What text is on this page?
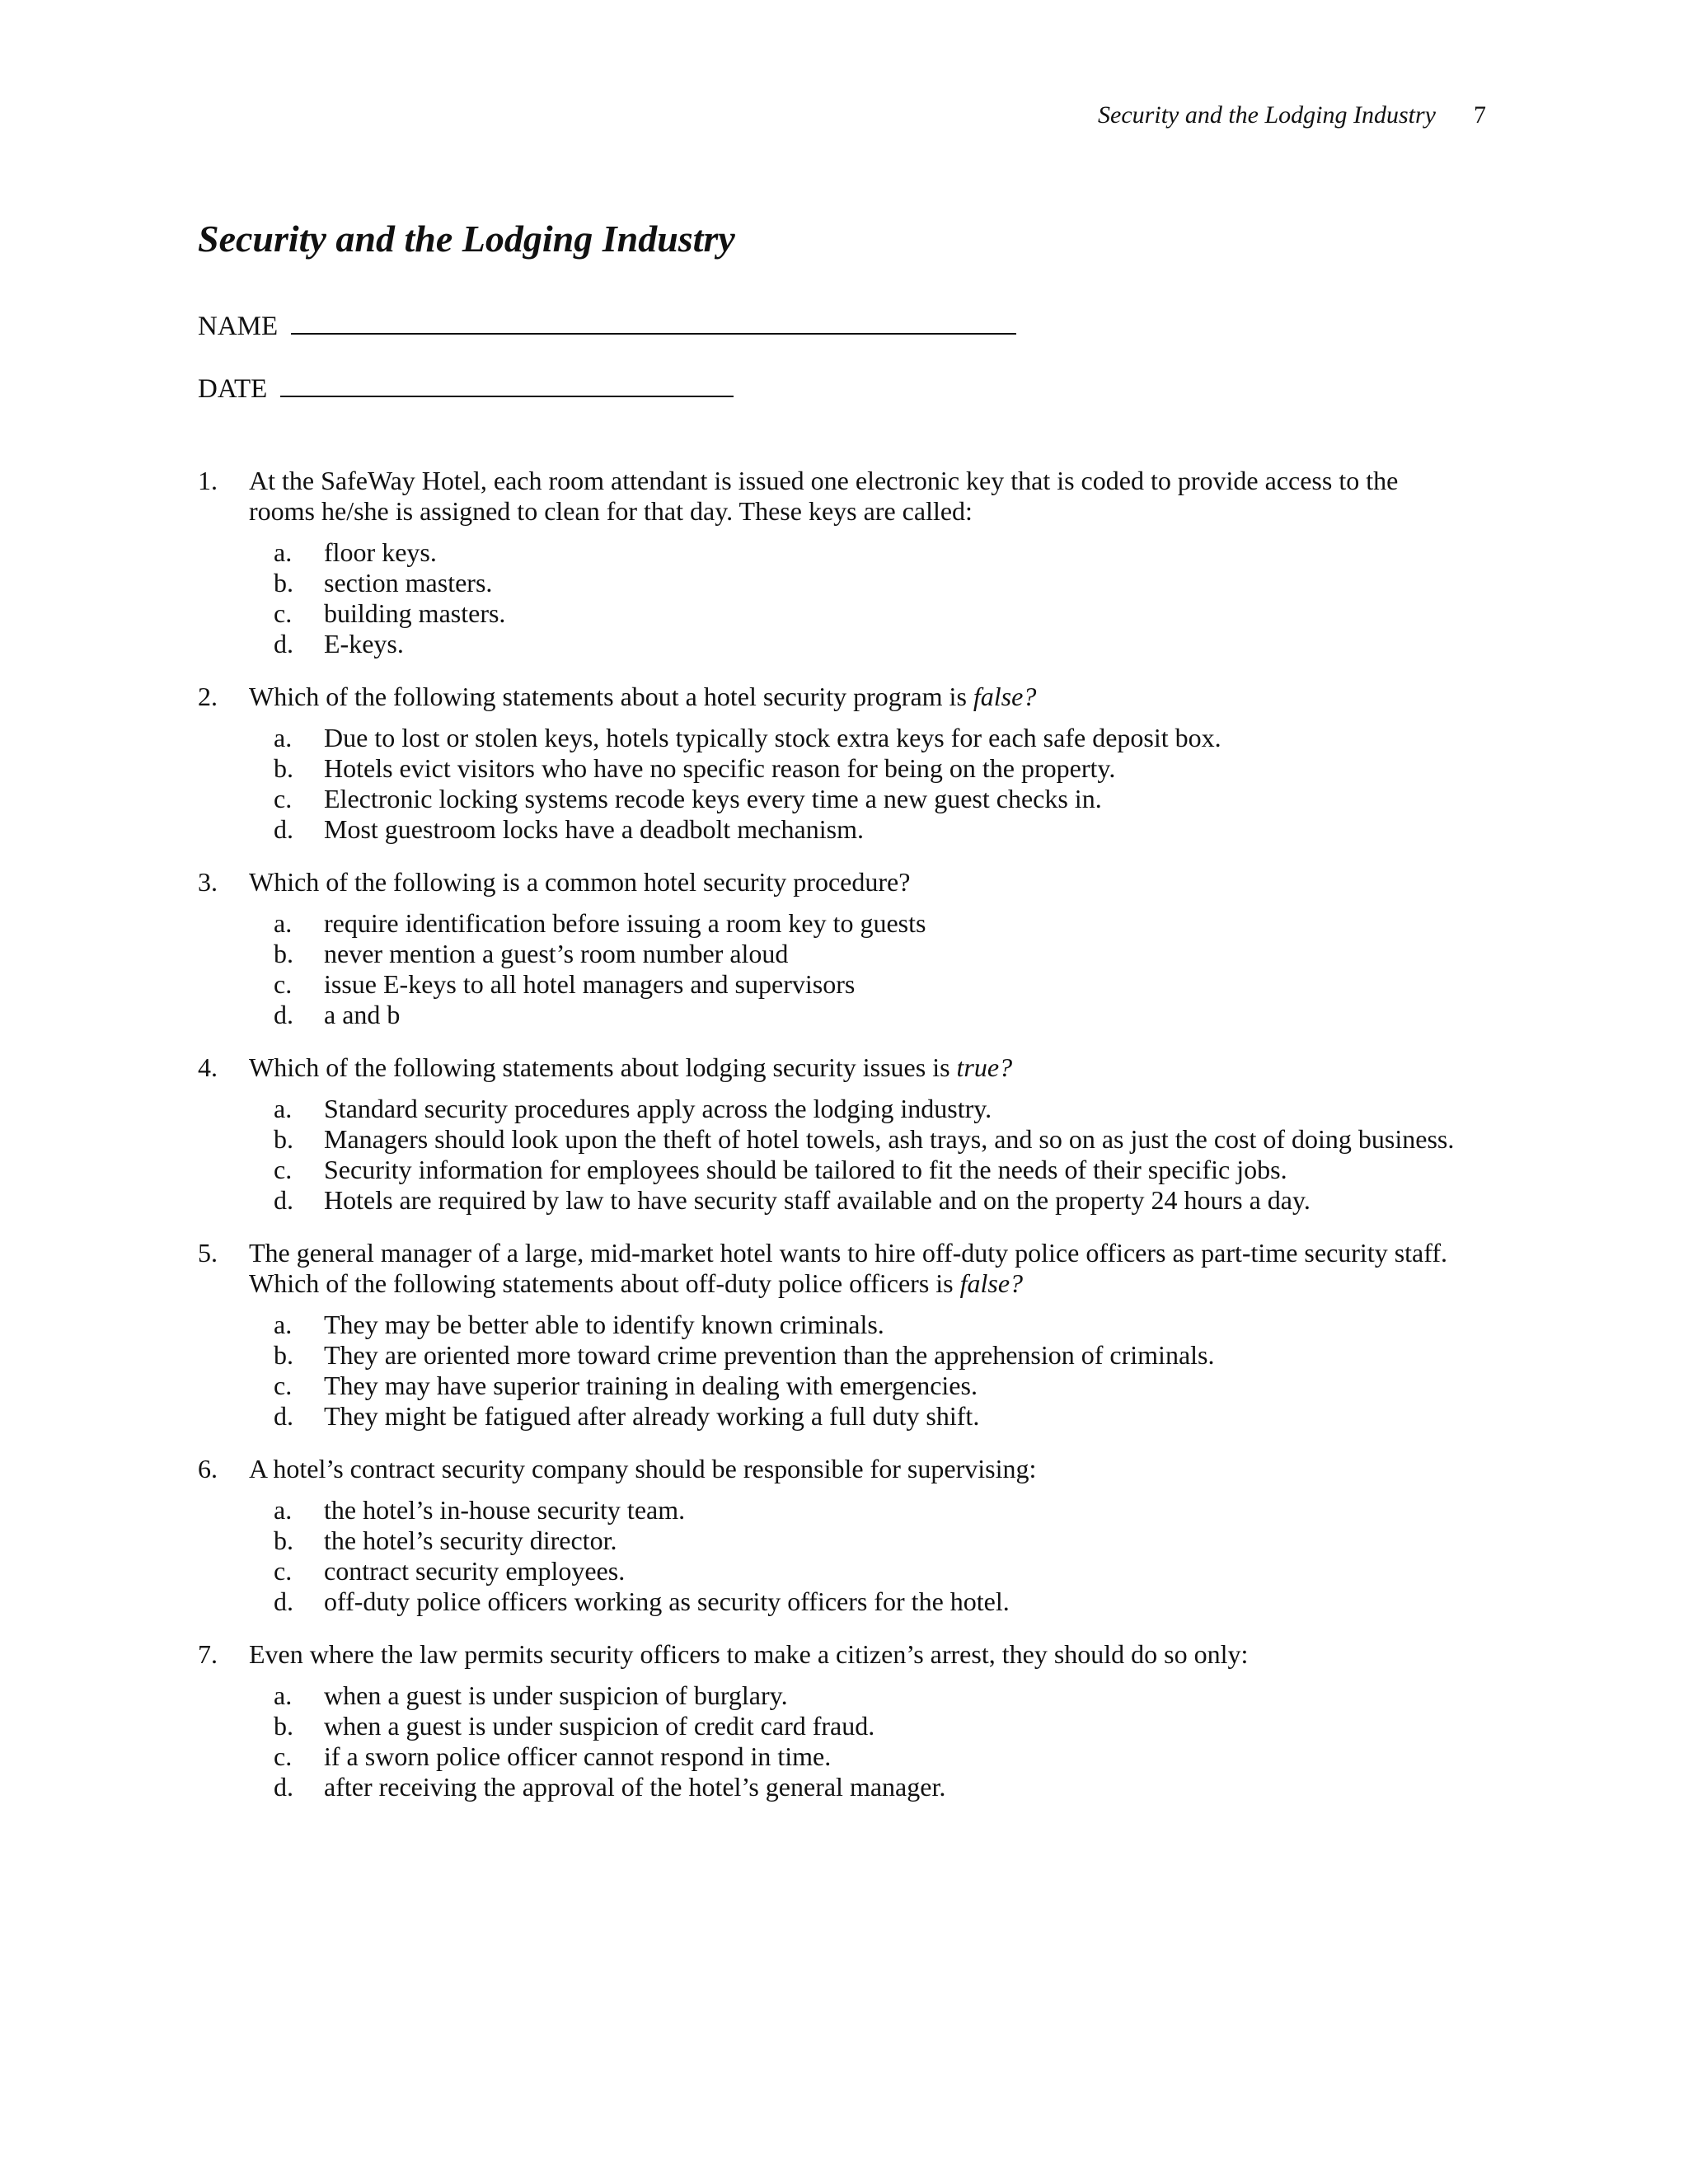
Security and the Lodging Industry 7
Security and the Lodging Industry
NAME
DATE
1. At the SafeWay Hotel, each room attendant is issued one electronic key that is coded to provide access to the rooms he/she is assigned to clean for that day. These keys are called:
a. floor keys.
b. section masters.
c. building masters.
d. E-keys.
2. Which of the following statements about a hotel security program is false?
a. Due to lost or stolen keys, hotels typically stock extra keys for each safe deposit box.
b. Hotels evict visitors who have no specific reason for being on the property.
c. Electronic locking systems recode keys every time a new guest checks in.
d. Most guestroom locks have a deadbolt mechanism.
3. Which of the following is a common hotel security procedure?
a. require identification before issuing a room key to guests
b. never mention a guest’s room number aloud
c. issue E-keys to all hotel managers and supervisors
d. a and b
4. Which of the following statements about lodging security issues is true?
a. Standard security procedures apply across the lodging industry.
b. Managers should look upon the theft of hotel towels, ash trays, and so on as just the cost of doing business.
c. Security information for employees should be tailored to fit the needs of their specific jobs.
d. Hotels are required by law to have security staff available and on the property 24 hours a day.
5. The general manager of a large, mid-market hotel wants to hire off-duty police officers as part-time security staff. Which of the following statements about off-duty police officers is false?
a. They may be better able to identify known criminals.
b. They are oriented more toward crime prevention than the apprehension of criminals.
c. They may have superior training in dealing with emergencies.
d. They might be fatigued after already working a full duty shift.
6. A hotel’s contract security company should be responsible for supervising:
a. the hotel’s in-house security team.
b. the hotel’s security director.
c. contract security employees.
d. off-duty police officers working as security officers for the hotel.
7. Even where the law permits security officers to make a citizen’s arrest, they should do so only:
a. when a guest is under suspicion of burglary.
b. when a guest is under suspicion of credit card fraud.
c. if a sworn police officer cannot respond in time.
d. after receiving the approval of the hotel’s general manager.
